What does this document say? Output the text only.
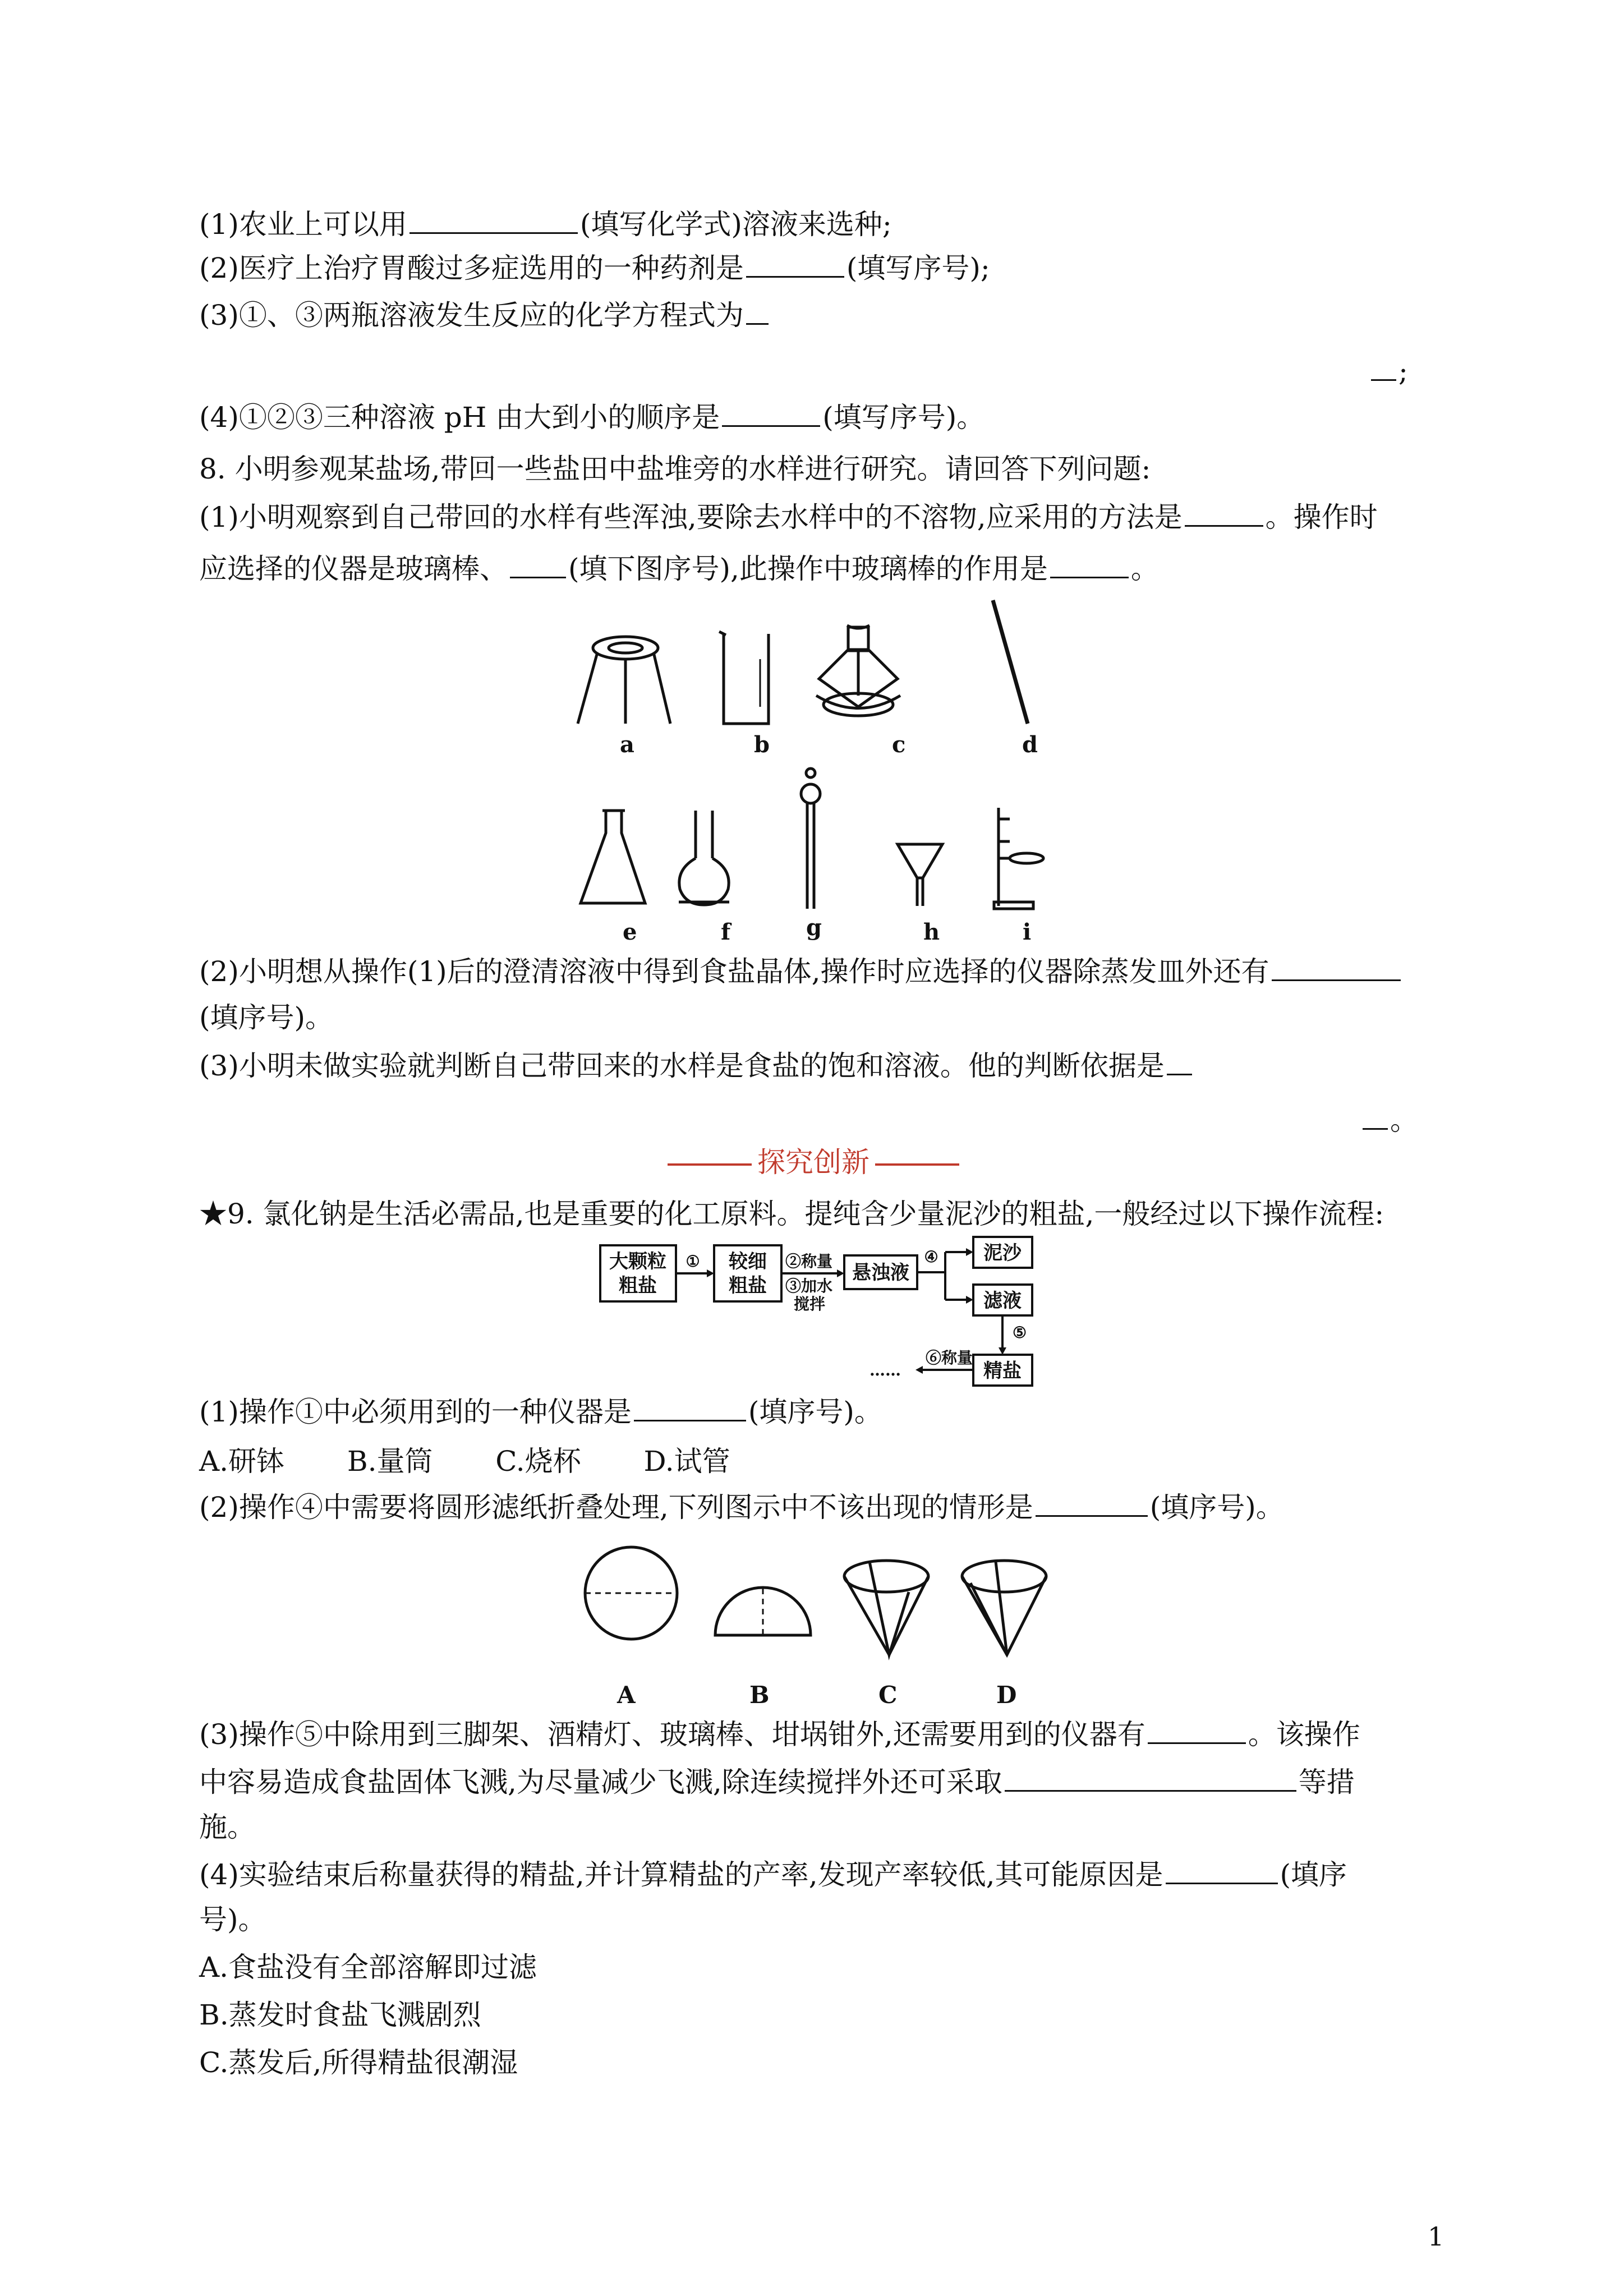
(1)农业上可以用	(填写化学式)溶液来选种;
(2)医疗上治疗胃酸过多症选用的一种药剂是	(填写序号);
(3)①、③两瓶溶液发生反应的化学方程式为
;
(4)①②③三种溶液 pH 由大到小的顺序是	(填写序号)。
8. 小明参观某盐场,带回一些盐田中盐堆旁的水样进行研究。请回答下列问题:
(1)小明观察到自己带回的水样有些浑浊,要除去水样中的不溶物,应采用的方法是	。操作时
应选择的仪器是玻璃棒、 (填下图序号),此操作中玻璃棒的作用是	。
a	b	c	d
e	f	g	h	i
(2)小明想从操作(1)后的澄清溶液中得到食盐晶体,操作时应选择的仪器除蒸发皿外还有
(填序号)。
(3)小明未做实验就判断自己带回来的水样是食盐的饱和溶液。他的判断依据是
。
探究创新
★9. 氯化钠是生活必需品,也是重要的化工原料。提纯含少量泥沙的粗盐,一般经过以下操作流程:
大颗粒
粗盐
较细
粗盐
悬浊液
泥沙
滤液
精盐
①	②称量
③加水
搅拌
④
⑤
⑥称量
……
(1)操作①中必须用到的一种仪器是	(填序号)。
A.研钵 B.量筒 C.烧杯 D.试管
(2)操作④中需要将圆形滤纸折叠处理,下列图示中不该出现的情形是	(填序号)。
A	B	C	D
(3)操作⑤中除用到三脚架、酒精灯、玻璃棒、坩埚钳外,还需要用到的仪器有	。该操作
中容易造成食盐固体飞溅,为尽量减少飞溅,除连续搅拌外还可采取	等措
施。
(4)实验结束后称量获得的精盐,并计算精盐的产率,发现产率较低,其可能原因是	(填序
号)。
A.食盐没有全部溶解即过滤
B.蒸发时食盐飞溅剧烈
C.蒸发后,所得精盐很潮湿
1
